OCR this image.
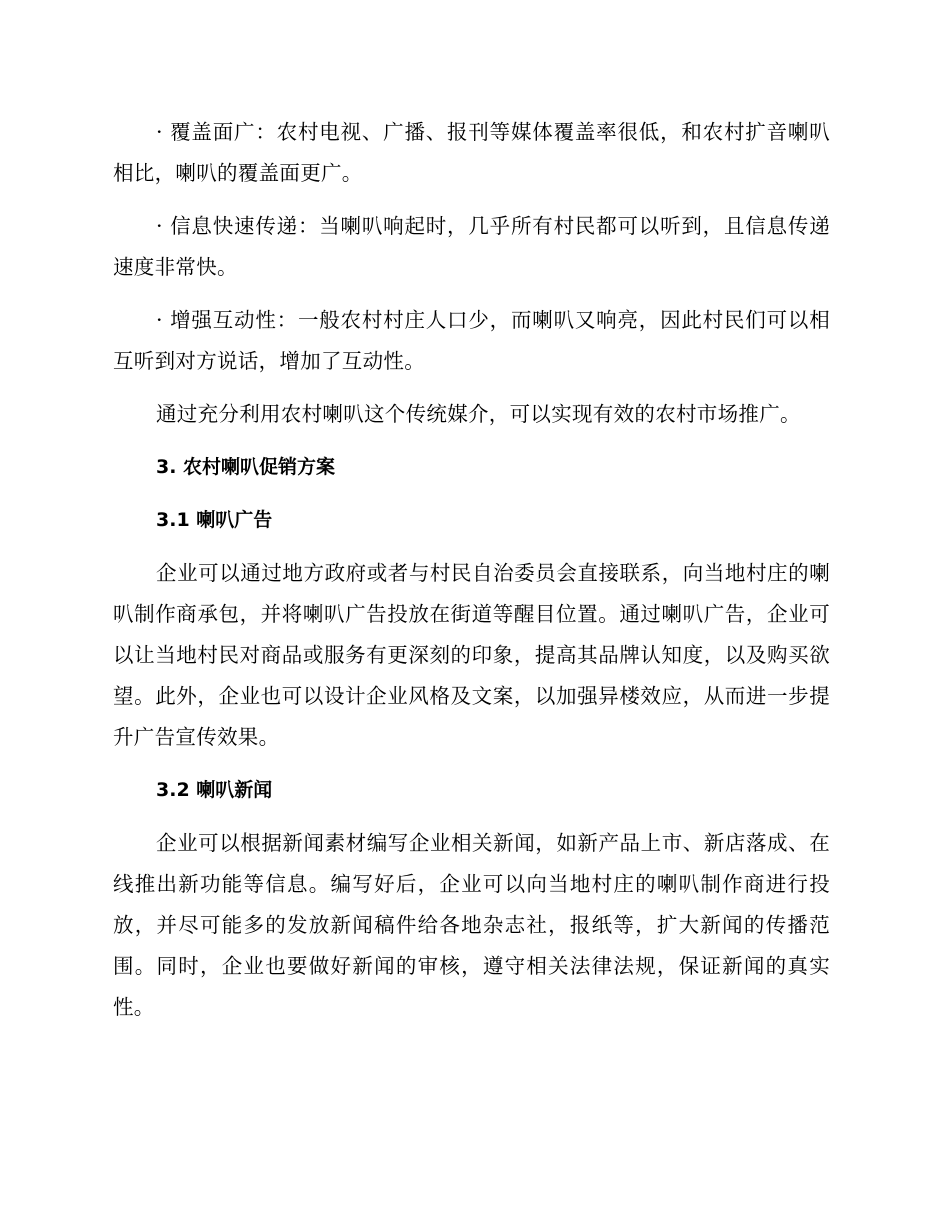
· 覆盖面广：农村电视、广播、报刊等媒体覆盖率很低，和农村扩音喇叭相比，喇叭的覆盖面更广。

· 信息快速传递：当喇叭响起时，几乎所有村民都可以听到，且信息传递速度非常快。

· 增强互动性：一般农村村庄人口少，而喇叭又响亮，因此村民们可以相互听到对方说话，增加了互动性。

通过充分利用农村喇叭这个传统媒介，可以实现有效的农村市场推广。

3. 农村喇叭促销方案
3.1 喇叭广告

企业可以通过地方政府或者与村民自治委员会直接联系，向当地村庄的喇叭制作商承包，并将喇叭广告投放在街道等醒目位置。通过喇叭广告，企业可以让当地村民对商品或服务有更深刻的印象，提高其品牌认知度，以及购买欲望。此外，企业也可以设计企业风格及文案，以加强异楼效应，从而进一步提升广告宣传效果。

3.2 喇叭新闻

企业可以根据新闻素材编写企业相关新闻，如新产品上市、新店落成、在线推出新功能等信息。编写好后，企业可以向当地村庄的喇叭制作商进行投放，并尽可能多的发放新闻稿件给各地杂志社，报纸等，扩大新闻的传播范围。同时，企业也要做好新闻的审核，遵守相关法律法规，保证新闻的真实性。
